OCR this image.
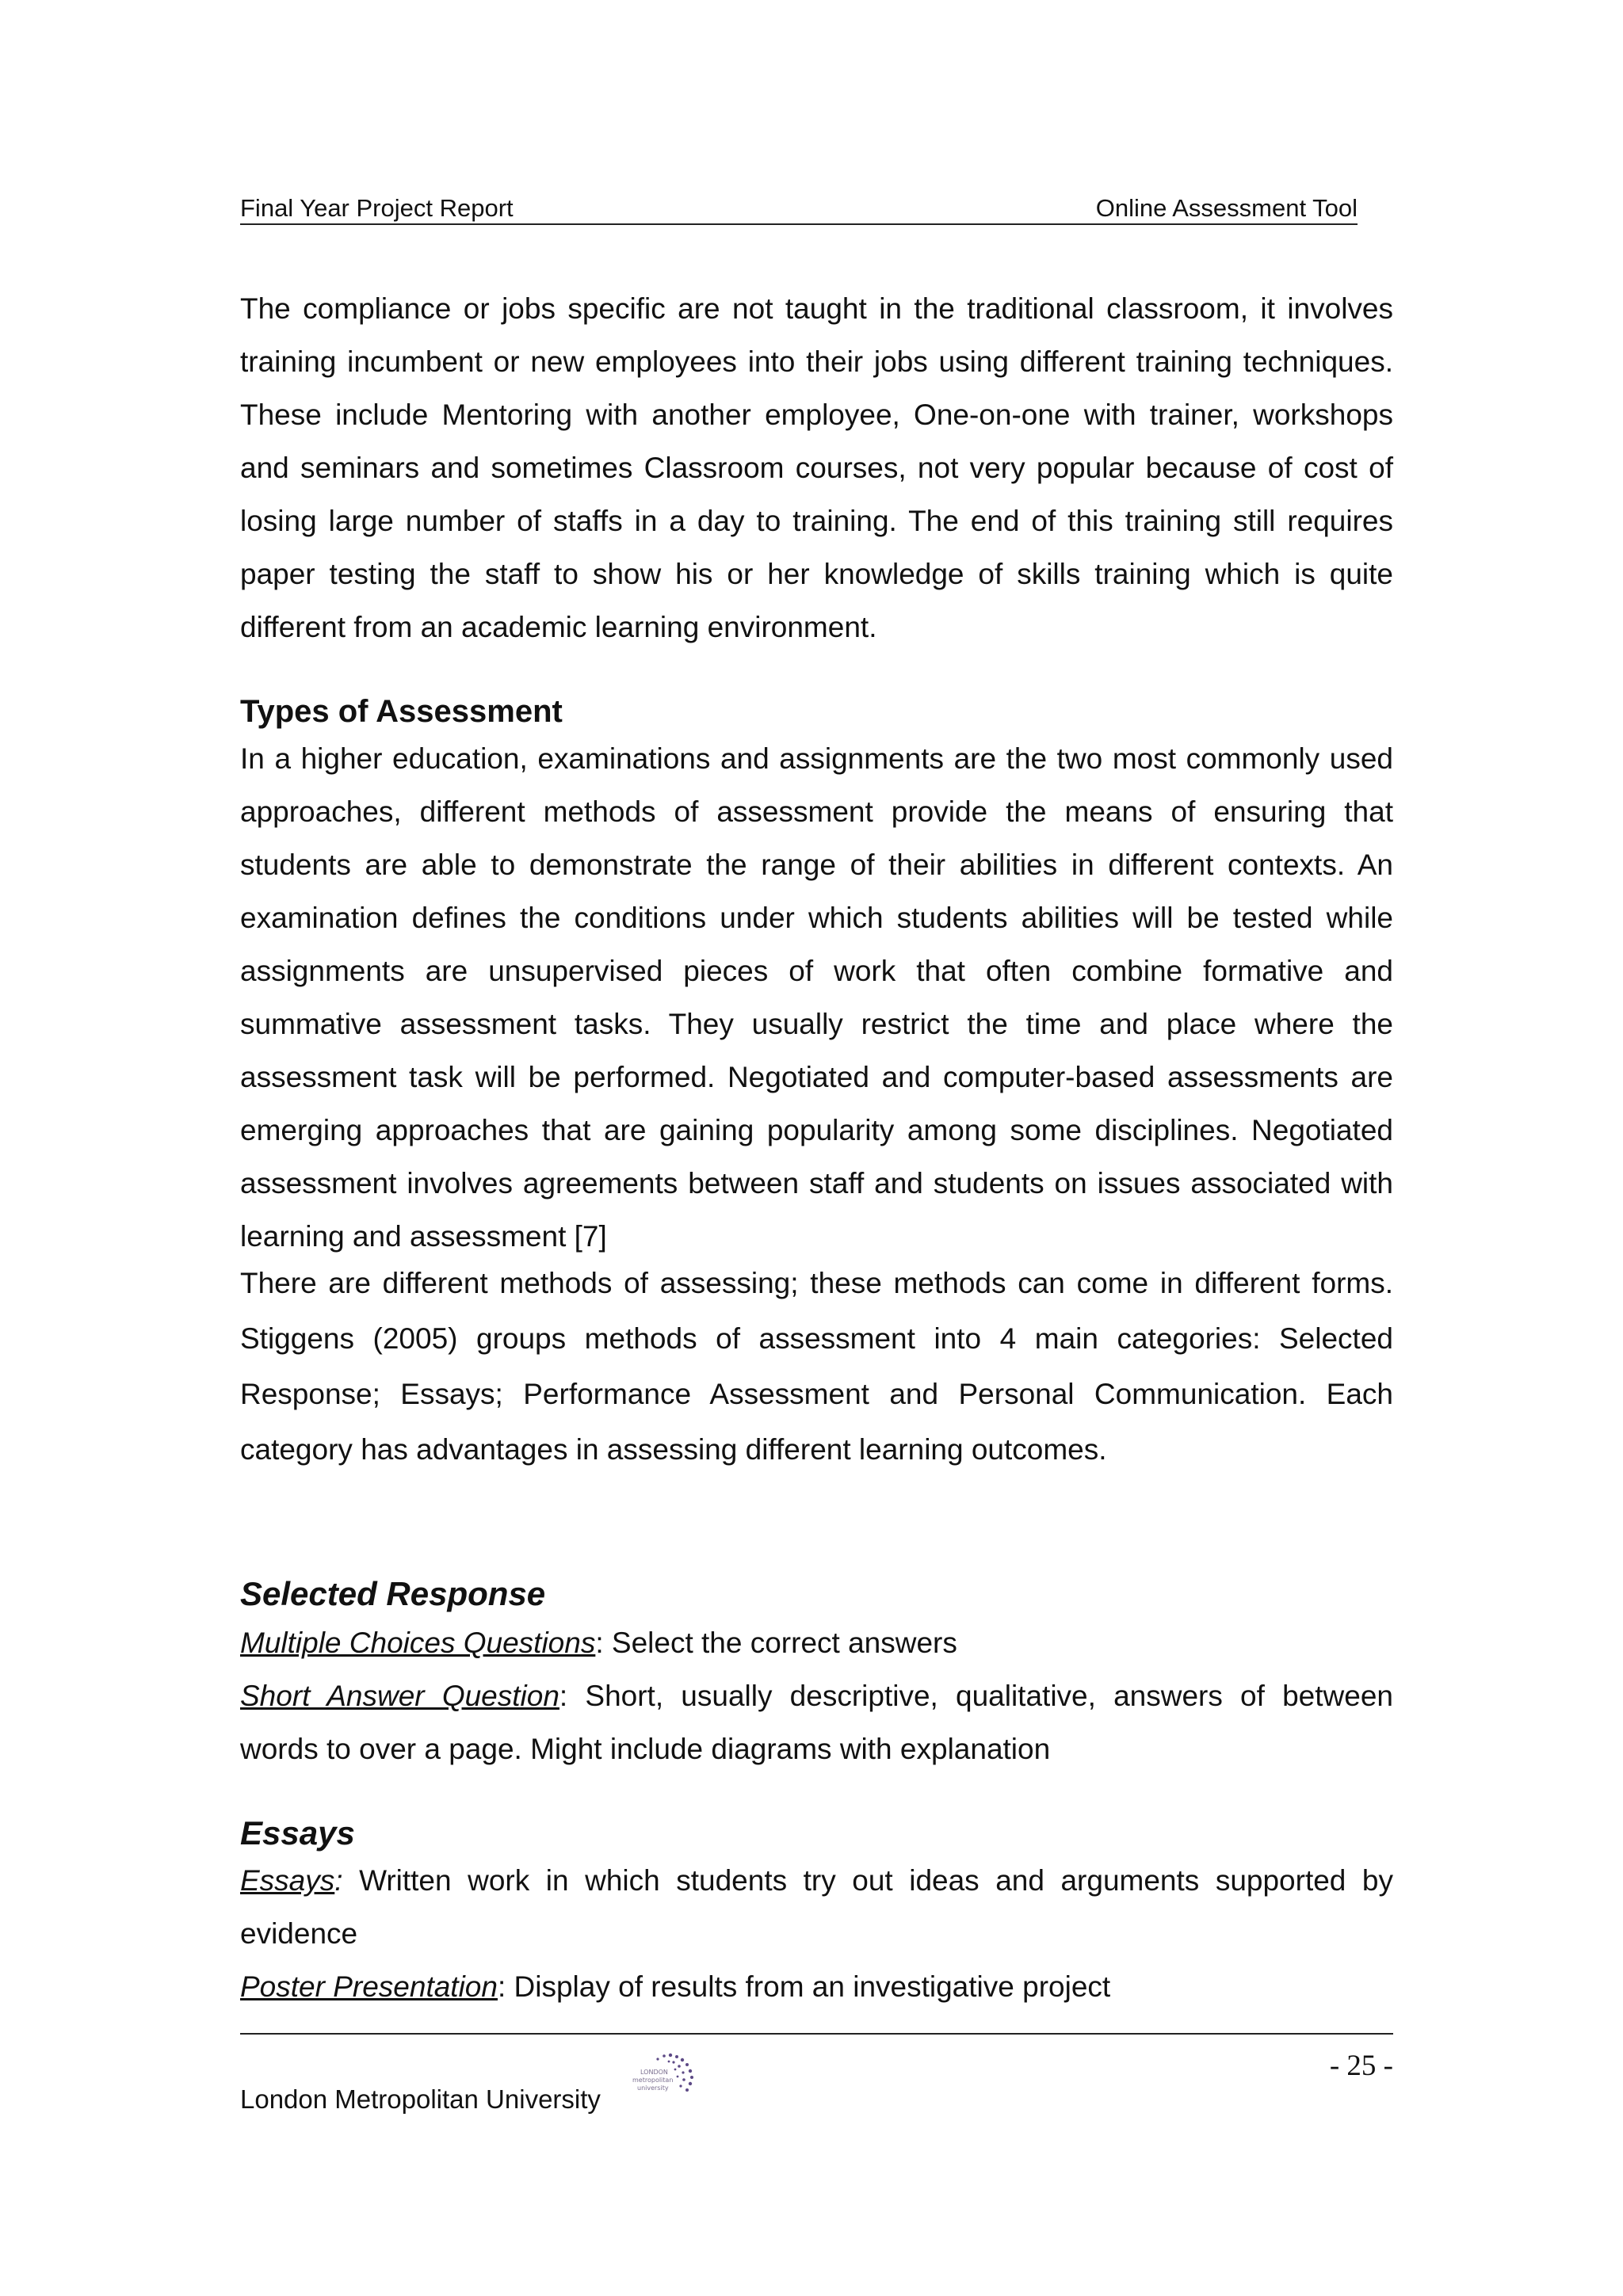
Final Year Project Report	Online Assessment Tool

The compliance or jobs specific are not taught in the traditional classroom, it involves training incumbent or new employees into their jobs using different training techniques. These include Mentoring with another employee, One-on-one with trainer, workshops and seminars and sometimes Classroom courses, not very popular because of cost of losing large number of staffs in a day to training. The end of this training still requires paper testing the staff to show his or her knowledge of skills training which is quite different from an academic learning environment.

Types of Assessment

In a higher education, examinations and assignments are the two most commonly used approaches, different methods of assessment provide the means of ensuring that students are able to demonstrate the range of their abilities in different contexts. An examination defines the conditions under which students abilities will be tested while assignments are unsupervised pieces of work that often combine formative and summative assessment tasks. They usually restrict the time and place where the assessment task will be performed. Negotiated and computer-based assessments are emerging approaches that are gaining popularity among some disciplines. Negotiated assessment involves agreements between staff and students on issues associated with learning and assessment [7]

There are different methods of assessing; these methods can come in different forms. Stiggens (2005) groups methods of assessment into 4 main categories: Selected Response; Essays; Performance Assessment and Personal Communication. Each category has advantages in assessing different learning outcomes.

Selected Response
Multiple Choices Questions: Select the correct answers
Short Answer Question: Short, usually descriptive, qualitative, answers of between words to over a page. Might include diagrams with explanation
Essays
Essays: Written work in which students try out ideas and arguments supported by evidence
Poster Presentation: Display of results from an investigative project
- 25 -
London Metropolitan University
LONDON
metropolitan
university
